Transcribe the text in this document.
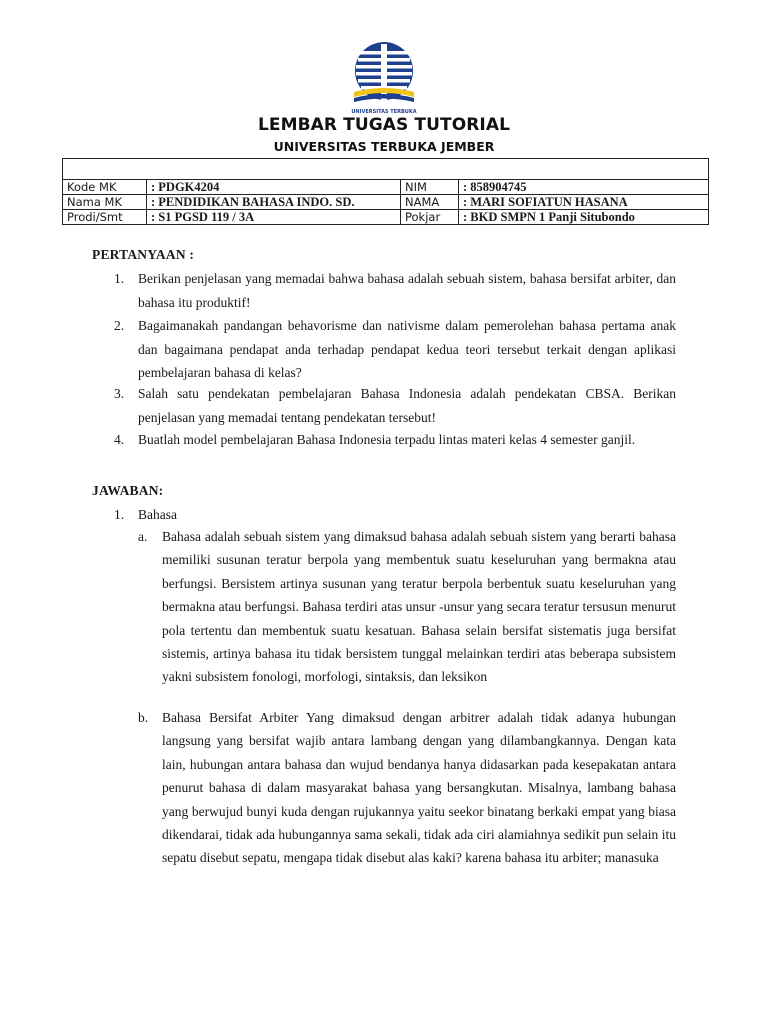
UNIVERSITAS TERBUKA
LEMBAR TUGAS TUTORIAL
UNIVERSITAS TERBUKA JEMBER

Kode MK	: PDGK4204	NIM	: 858904745
Nama MK	: PENDIDIKAN BAHASA INDO. SD.	NAMA	: MARI SOFIATUN HASANA
Prodi/Smt	: S1 PGSD 119 / 3A	Pokjar	: BKD SMPN 1 Panji Situbondo
PERTANYAAN :
1. Berikan penjelasan yang memadai bahwa bahasa adalah sebuah sistem, bahasa bersifat arbiter, dan bahasa itu produktif!
2. Bagaimanakah pandangan behavorisme dan nativisme dalam pemerolehan bahasa pertama anak dan bagaimana pendapat anda terhadap pendapat kedua teori tersebut terkait dengan aplikasi pembelajaran bahasa di kelas?
3. Salah satu pendekatan pembelajaran Bahasa Indonesia adalah pendekatan CBSA. Berikan penjelasan yang memadai tentang pendekatan tersebut!
4. Buatlah model pembelajaran Bahasa Indonesia terpadu lintas materi kelas 4 semester ganjil.
JAWABAN:
1. Bahasa
a. Bahasa adalah sebuah sistem yang dimaksud bahasa adalah sebuah sistem yang berarti bahasa memiliki susunan teratur berpola yang membentuk suatu keseluruhan yang bermakna atau berfungsi. Bersistem artinya susunan yang teratur berpola berbentuk suatu keseluruhan yang bermakna atau berfungsi. Bahasa terdiri atas unsur -unsur yang secara teratur tersusun menurut pola tertentu dan membentuk suatu kesatuan. Bahasa selain bersifat sistematis juga bersifat sistemis, artinya bahasa itu tidak bersistem tunggal melainkan terdiri atas beberapa subsistem yakni subsistem fonologi, morfologi, sintaksis, dan leksikon
b. Bahasa Bersifat Arbiter Yang dimaksud dengan arbitrer adalah tidak adanya hubungan langsung yang bersifat wajib antara lambang dengan yang dilambangkannya. Dengan kata lain, hubungan antara bahasa dan wujud bendanya hanya didasarkan pada kesepakatan antara penurut bahasa di dalam masyarakat bahasa yang bersangkutan. Misalnya, lambang bahasa yang berwujud bunyi kuda dengan rujukannya yaitu seekor binatang berkaki empat yang biasa dikendarai, tidak ada hubungannya sama sekali, tidak ada ciri alamiahnya sedikit pun selain itu sepatu disebut sepatu, mengapa tidak disebut alas kaki? karena bahasa itu arbiter; manasuka
